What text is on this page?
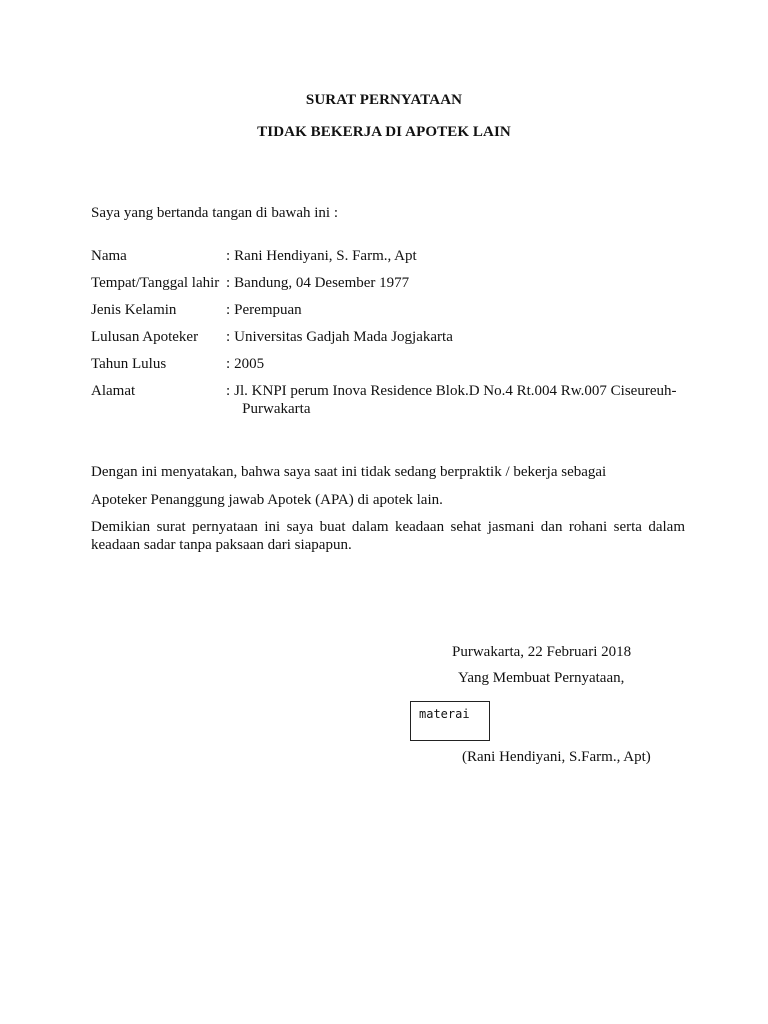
SURAT PERNYATAAN
TIDAK BEKERJA DI APOTEK LAIN
Saya yang bertanda tangan di bawah ini :
Nama	: Rani Hendiyani, S. Farm., Apt
Tempat/Tanggal lahir : Bandung, 04 Desember 1977
Jenis Kelamin	: Perempuan
Lulusan Apoteker	: Universitas Gadjah Mada Jogjakarta
Tahun Lulus	: 2005
Alamat	: Jl. KNPI perum Inova Residence Blok.D No.4 Rt.004 Rw.007 Ciseureuh-
Purwakarta
Dengan ini menyatakan, bahwa saya saat ini tidak sedang berpraktik / bekerja sebagai
Apoteker Penanggung jawab Apotek (APA) di apotek lain.
Demikian surat pernyataan ini saya buat dalam keadaan sehat jasmani dan rohani serta dalam keadaan sadar tanpa paksaan dari siapapun.
Purwakarta, 22 Februari 2018
Yang Membuat Pernyataan,
materai
(Rani Hendiyani, S.Farm., Apt)
